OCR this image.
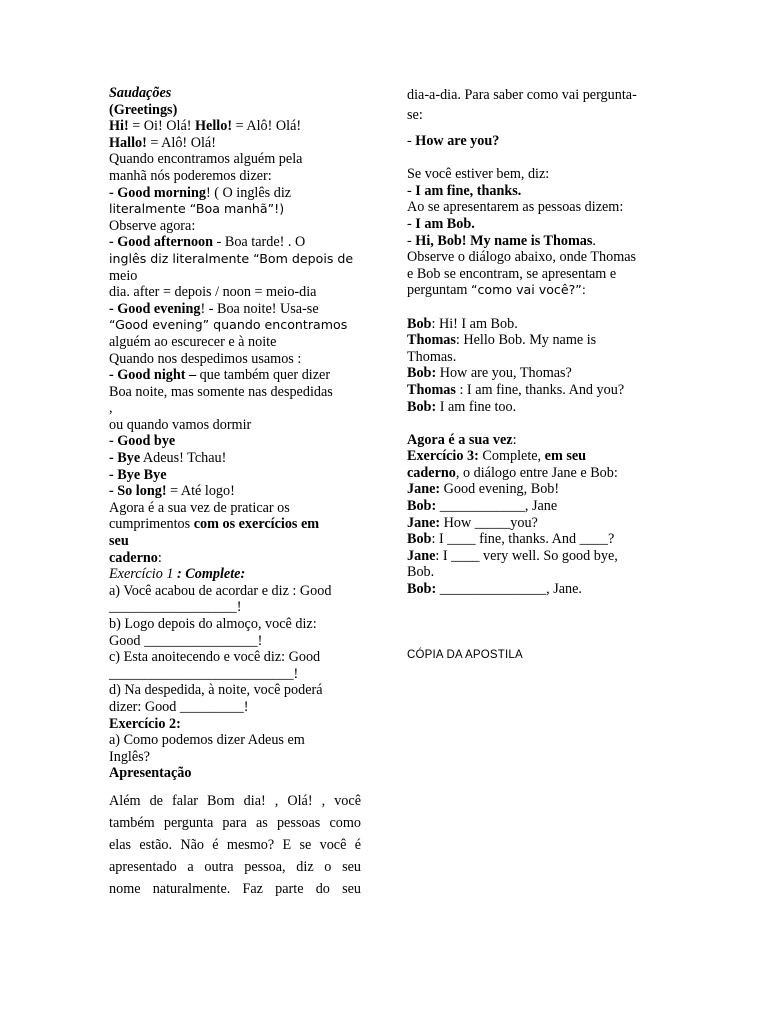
Saudações
(Greetings)
Hi! = Oi! Olá! Hello! = Alô! Olá!
Hallo! = Alô! Olá!
Quando encontramos alguém pela
manhã nós poderemos dizer:
- Good morning! ( O inglês diz
literalmente “Boa manhã”!)
Observe agora:
- Good afternoon - Boa tarde! . O
inglês diz literalmente “Bom depois de
meio
dia. after = depois / noon = meio-dia
- Good evening! - Boa noite! Usa-se
“Good evening” quando encontramos
alguém ao escurecer e à noite
Quando nos despedimos usamos :
- Good night – que também quer dizer
Boa noite, mas somente nas despedidas
,
ou quando vamos dormir
- Good bye
- Bye Adeus! Tchau!
- Bye Bye
- So long! = Até logo!
Agora é a sua vez de praticar os
cumprimentos com os exercícios em
seu
caderno:
Exercício 1 : Complete:
a) Você acabou de acordar e diz : Good
__________________!
b) Logo depois do almoço, você diz:
Good ________________!
c) Esta anoitecendo e você diz: Good
__________________________!
d) Na despedida, à noite, você poderá
dizer: Good _________!
Exercício 2:
a) Como podemos dizer Adeus em
Inglês?
Apresentação
Além de falar Bom dia! , Olá! , você
também pergunta para as pessoas como
elas estão. Não é mesmo? E se você é
apresentado a outra pessoa, diz o seu
nome naturalmente. Faz parte do seu
dia-a-dia. Para saber como vai pergunta-
se:
- How are you?
Se você estiver bem, diz:
- I am fine, thanks.
Ao se apresentarem as pessoas dizem:
- I am Bob.
- Hi, Bob! My name is Thomas.
Observe o diálogo abaixo, onde Thomas
e Bob se encontram, se apresentam e
perguntam “como vai você?”:
Bob: Hi! I am Bob.
Thomas: Hello Bob. My name is
Thomas.
Bob: How are you, Thomas?
Thomas : I am fine, thanks. And you?
Bob: I am fine too.
Agora é a sua vez:
Exercício 3: Complete, em seu
caderno, o diálogo entre Jane e Bob:
Jane: Good evening, Bob!
Bob: ____________, Jane
Jane: How _____you?
Bob: I ____ fine, thanks. And ____?
Jane: I ____ very well. So good bye,
Bob.
Bob: _______________, Jane.
CÓPIA DA APOSTILA
